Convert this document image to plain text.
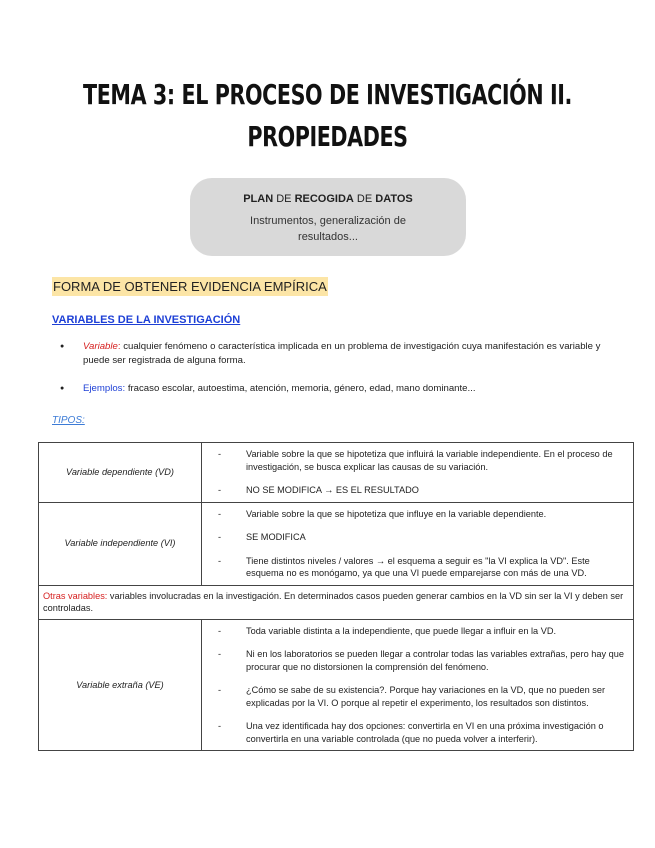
TEMA 3: EL PROCESO DE INVESTIGACIÓN II.
PROPIEDADES
PLAN DE RECOGIDA DE DATOS
Instrumentos, generalización de resultados...
FORMA DE OBTENER EVIDENCIA EMPÍRICA
VARIABLES DE LA INVESTIGACIÓN
● Variable: cualquier fenómeno o característica implicada en un problema de investigación cuya manifestación es variable y puede ser registrada de alguna forma.
● Ejemplos: fracaso escolar, autoestima, atención, memoria, género, edad, mano dominante...
TIPOS:
Variable dependiente (VD)	- Variable sobre la que se hipotetiza que influirá la variable independiente. En el proceso de investigación, se busca explicar las causas de su variación.
- NO SE MODIFICA → ES EL RESULTADO

Variable independiente (VI)	- Variable sobre la que se hipotetiza que influye en la variable dependiente.
- SE MODIFICA
- Tiene distintos niveles / valores → el esquema a seguir es "la VI explica la VD". Este esquema no es monógamo, ya que una VI puede emparejarse con más de una VD.

Otras variables: variables involucradas en la investigación. En determinados casos pueden generar cambios en la VD sin ser la VI y deben ser controladas.	
Variable extraña (VE)	- Toda variable distinta a la independiente, que puede llegar a influir en la VD.
- Ni en los laboratorios se pueden llegar a controlar todas las variables extrañas, pero hay que procurar que no distorsionen la comprensión del fenómeno.
- ¿Cómo se sabe de su existencia?. Porque hay variaciones en la VD, que no pueden ser explicadas por la VI. O porque al repetir el experimento, los resultados son distintos.
- Una vez identificada hay dos opciones: convertirla en VI en una próxima investigación o convertirla en una variable controlada (que no pueda volver a interferir).
